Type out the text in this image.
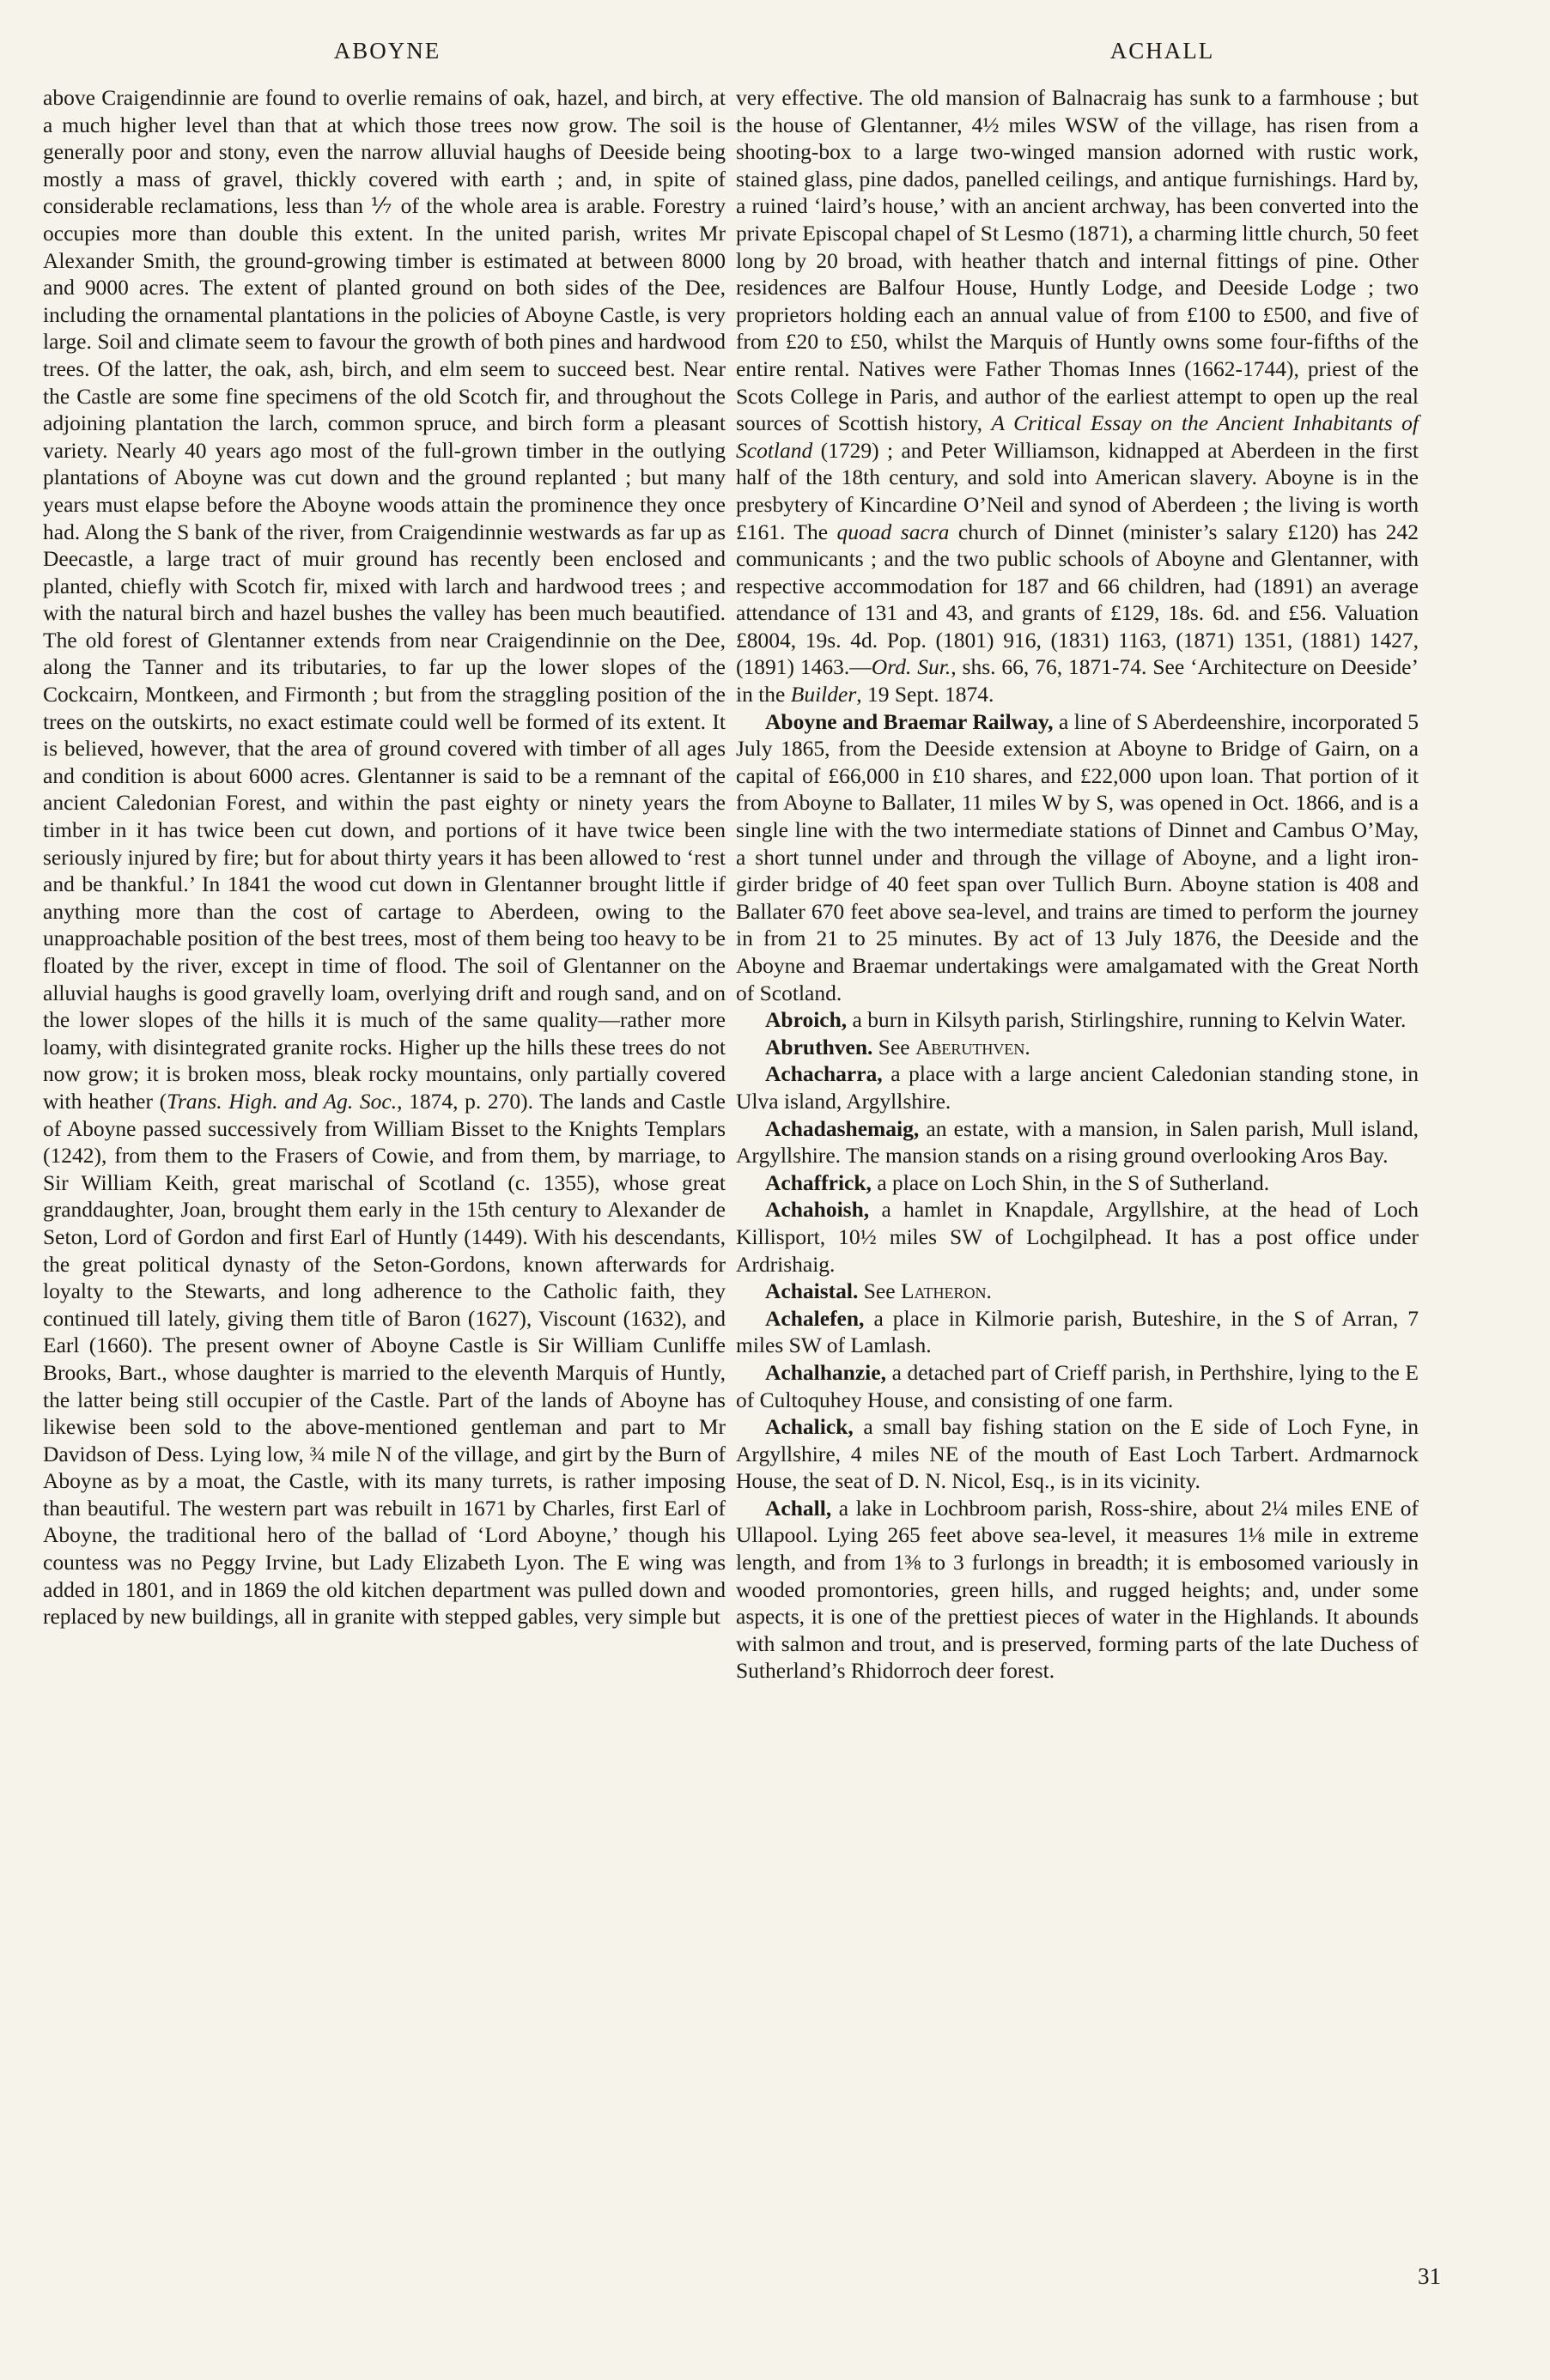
ABOYNE	ACHALL

above Craigendinnie are found to overlie remains of oak, hazel, and birch, at a much higher level than that at which those trees now grow. The soil is generally poor and stony, even the narrow alluvial haughs of Deeside being mostly a mass of gravel, thickly covered with earth ; and, in spite of considerable reclamations, less than ⅐ of the whole area is arable. Forestry occupies more than double this extent. In the united parish, writes Mr Alexander Smith, the ground-growing timber is estimated at between 8000 and 9000 acres. The extent of planted ground on both sides of the Dee, including the ornamental plantations in the policies of Aboyne Castle, is very large. Soil and climate seem to favour the growth of both pines and hardwood trees. Of the latter, the oak, ash, birch, and elm seem to succeed best. Near the Castle are some fine specimens of the old Scotch fir, and throughout the adjoining plantation the larch, common spruce, and birch form a pleasant variety. Nearly 40 years ago most of the full-grown timber in the outlying plantations of Aboyne was cut down and the ground replanted ; but many years must elapse before the Aboyne woods attain the prominence they once had. Along the S bank of the river, from Craigendinnie westwards as far up as Deecastle, a large tract of muir ground has recently been enclosed and planted, chiefly with Scotch fir, mixed with larch and hardwood trees ; and with the natural birch and hazel bushes the valley has been much beautified. The old forest of Glentanner extends from near Craigendinnie on the Dee, along the Tanner and its tributaries, to far up the lower slopes of the Cockcairn, Montkeen, and Firmonth ; but from the straggling position of the trees on the outskirts, no exact estimate could well be formed of its extent. It is believed, however, that the area of ground covered with timber of all ages and condition is about 6000 acres. Glentanner is said to be a remnant of the ancient Caledonian Forest, and within the past eighty or ninety years the timber in it has twice been cut down, and portions of it have twice been seriously injured by fire; but for about thirty years it has been allowed to ‘rest and be thankful.’ In 1841 the wood cut down in Glentanner brought little if anything more than the cost of cartage to Aberdeen, owing to the unapproachable position of the best trees, most of them being too heavy to be floated by the river, except in time of flood. The soil of Glentanner on the alluvial haughs is good gravelly loam, overlying drift and rough sand, and on the lower slopes of the hills it is much of the same quality—rather more loamy, with disintegrated granite rocks. Higher up the hills these trees do not now grow; it is broken moss, bleak rocky mountains, only partially covered with heather (Trans. High. and Ag. Soc., 1874, p. 270). The lands and Castle of Aboyne passed successively from William Bisset to the Knights Templars (1242), from them to the Frasers of Cowie, and from them, by marriage, to Sir William Keith, great marischal of Scotland (c. 1355), whose great granddaughter, Joan, brought them early in the 15th century to Alexander de Seton, Lord of Gordon and first Earl of Huntly (1449). With his descendants, the great political dynasty of the Seton-Gordons, known afterwards for loyalty to the Stewarts, and long adherence to the Catholic faith, they continued till lately, giving them title of Baron (1627), Viscount (1632), and Earl (1660). The present owner of Aboyne Castle is Sir William Cunliffe Brooks, Bart., whose daughter is married to the eleventh Marquis of Huntly, the latter being still occupier of the Castle. Part of the lands of Aboyne has likewise been sold to the above-mentioned gentleman and part to Mr Davidson of Dess. Lying low, ¾ mile N of the village, and girt by the Burn of Aboyne as by a moat, the Castle, with its many turrets, is rather imposing than beautiful. The western part was rebuilt in 1671 by Charles, first Earl of Aboyne, the traditional hero of the ballad of ‘Lord Aboyne,’ though his countess was no Peggy Irvine, but Lady Elizabeth Lyon. The E wing was added in 1801, and in 1869 the old kitchen department was pulled down and replaced by new buildings, all in granite with stepped gables, very simple but

very effective. The old mansion of Balnacraig has sunk to a farmhouse ; but the house of Glentanner, 4½ miles WSW of the village, has risen from a shooting-box to a large two-winged mansion adorned with rustic work, stained glass, pine dados, panelled ceilings, and antique furnishings. Hard by, a ruined ‘laird’s house,’ with an ancient archway, has been converted into the private Episcopal chapel of St Lesmo (1871), a charming little church, 50 feet long by 20 broad, with heather thatch and internal fittings of pine. Other residences are Balfour House, Huntly Lodge, and Deeside Lodge ; two proprietors holding each an annual value of from £100 to £500, and five of from £20 to £50, whilst the Marquis of Huntly owns some four-fifths of the entire rental. Natives were Father Thomas Innes (1662-1744), priest of the Scots College in Paris, and author of the earliest attempt to open up the real sources of Scottish history, A Critical Essay on the Ancient Inhabitants of Scotland (1729) ; and Peter Williamson, kidnapped at Aberdeen in the first half of the 18th century, and sold into American slavery. Aboyne is in the presbytery of Kincardine O’Neil and synod of Aberdeen ; the living is worth £161. The quoad sacra church of Dinnet (minister’s salary £120) has 242 communicants ; and the two public schools of Aboyne and Glentanner, with respective accommodation for 187 and 66 children, had (1891) an average attendance of 131 and 43, and grants of £129, 18s. 6d. and £56. Valuation £8004, 19s. 4d. Pop. (1801) 916, (1831) 1163, (1871) 1351, (1881) 1427, (1891) 1463.—Ord. Sur., shs. 66, 76, 1871-74. See ‘Architecture on Deeside’ in the Builder, 19 Sept. 1874.

Aboyne and Braemar Railway, a line of S Aberdeenshire, incorporated 5 July 1865, from the Deeside extension at Aboyne to Bridge of Gairn, on a capital of £66,000 in £10 shares, and £22,000 upon loan. That portion of it from Aboyne to Ballater, 11 miles W by S, was opened in Oct. 1866, and is a single line with the two intermediate stations of Dinnet and Cambus O’May, a short tunnel under and through the village of Aboyne, and a light iron-girder bridge of 40 feet span over Tullich Burn. Aboyne station is 408 and Ballater 670 feet above sea-level, and trains are timed to perform the journey in from 21 to 25 minutes. By act of 13 July 1876, the Deeside and the Aboyne and Braemar undertakings were amalgamated with the Great North of Scotland.

Abroich, a burn in Kilsyth parish, Stirlingshire, running to Kelvin Water.

Abruthven. See Aberuthven.

Achacharra, a place with a large ancient Caledonian standing stone, in Ulva island, Argyllshire.

Achadashemaig, an estate, with a mansion, in Salen parish, Mull island, Argyllshire. The mansion stands on a rising ground overlooking Aros Bay.

Achaffrick, a place on Loch Shin, in the S of Sutherland.

Achahoish, a hamlet in Knapdale, Argyllshire, at the head of Loch Killisport, 10½ miles SW of Lochgilphead. It has a post office under Ardrishaig.

Achaistal. See Latheron.

Achalefen, a place in Kilmorie parish, Buteshire, in the S of Arran, 7 miles SW of Lamlash.

Achalhanzie, a detached part of Crieff parish, in Perthshire, lying to the E of Cultoquhey House, and consisting of one farm.

Achalick, a small bay fishing station on the E side of Loch Fyne, in Argyllshire, 4 miles NE of the mouth of East Loch Tarbert. Ardmarnock House, the seat of D. N. Nicol, Esq., is in its vicinity.

Achall, a lake in Lochbroom parish, Ross-shire, about 2¼ miles ENE of Ullapool. Lying 265 feet above sea-level, it measures 1⅛ mile in extreme length, and from 1⅜ to 3 furlongs in breadth; it is embosomed variously in wooded promontories, green hills, and rugged heights; and, under some aspects, it is one of the prettiest pieces of water in the Highlands. It abounds with salmon and trout, and is preserved, forming parts of the late Duchess of Sutherland’s Rhidorroch deer forest.

31
